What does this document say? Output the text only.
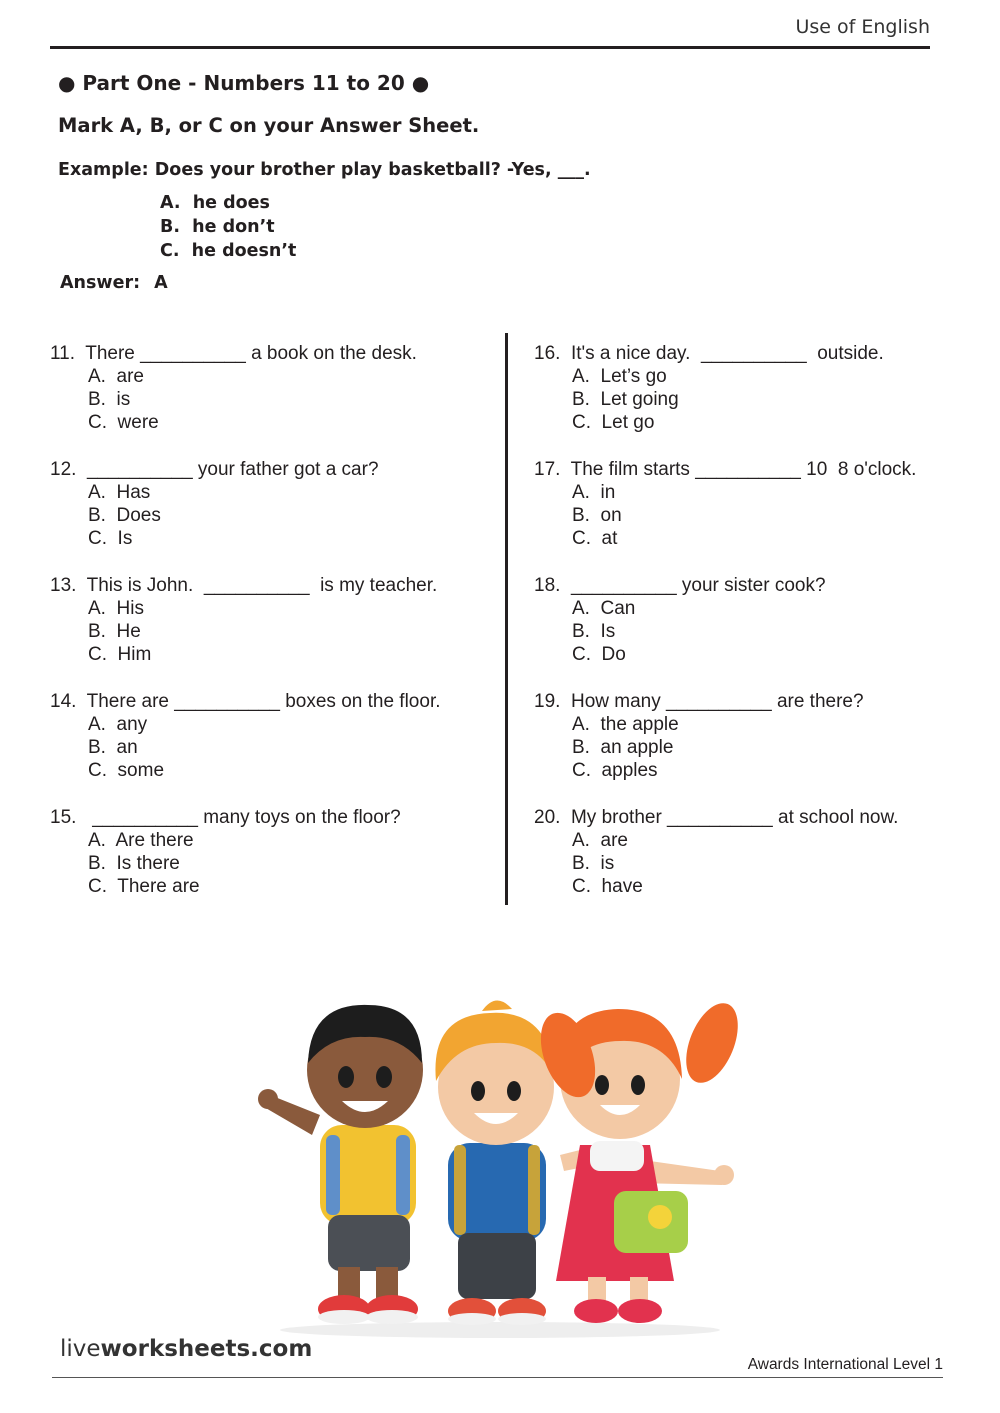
Use of English
● Part One - Numbers 11 to 20 ●
Mark A, B, or C on your Answer Sheet.
Example: Does your brother play basketball? -Yes, ___.
A.  he does
B.  he don’t
C.  he doesn’t
Answer: A
11.  There __________ a book on the desk.
A.  are
B.  is
C.  were
12.  __________ your father got a car?
A.  Has
B.  Does
C.  Is
13.  This is John.  __________  is my teacher.
A.  His
B.  He
C.  Him
14.  There are __________ boxes on the floor.
A.  any
B.  an
C.  some
15.   __________ many toys on the floor?
A.  Are there
B.  Is there
C.  There are
16.  It's a nice day.  __________  outside.
A.  Let’s go
B.  Let going
C.  Let go
17.  The film starts __________ 10  8 o'clock.
A.  in
B.  on
C.  at
18.  __________ your sister cook?
A.  Can
B.  Is
C.  Do
19.  How many __________ are there?
A.  the apple
B.  an apple
C.  apples
20.  My brother __________ at school now.
A.  are
B.  is
C.  have
liveworksheets.com
Awards International Level 1
